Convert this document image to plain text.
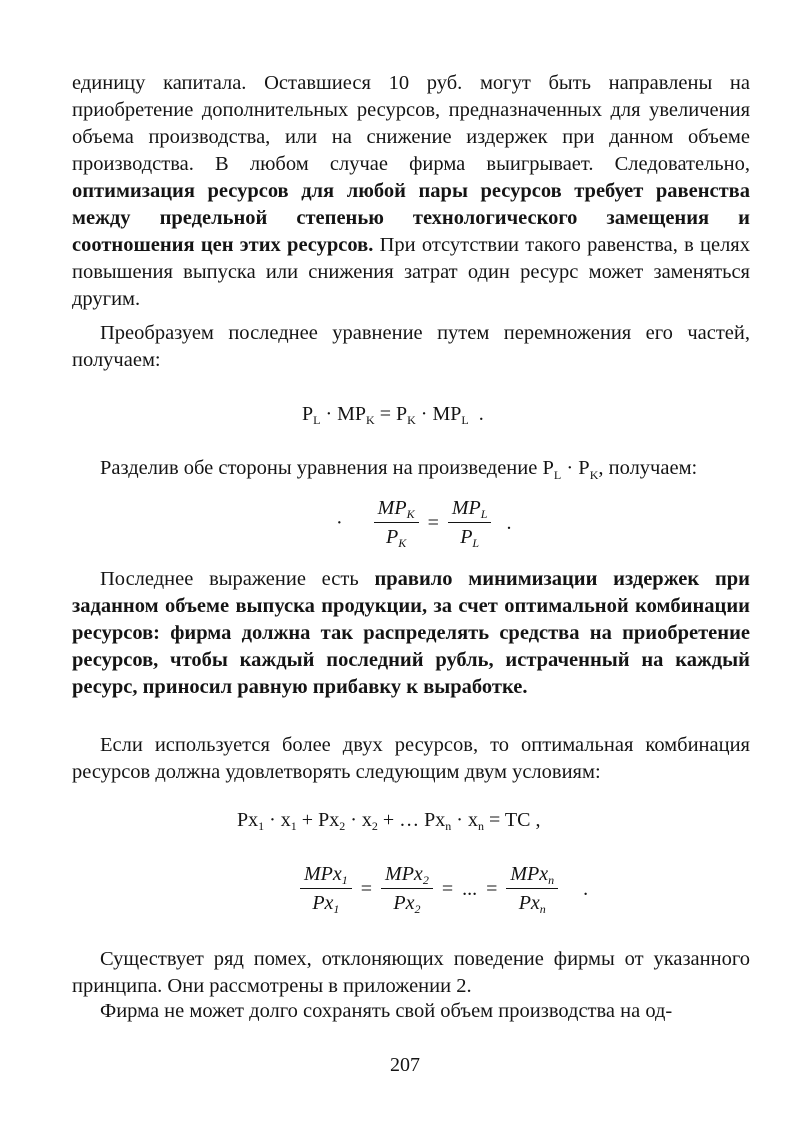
единицу капитала. Оставшиеся 10 руб. могут быть направлены на приобретение дополнительных ресурсов, предназначенных для увеличения объема производства, или на снижение издержек при данном объеме производства. В любом случае фирма выигрывает. Следовательно, оптимизация ресурсов для любой пары ресурсов требует равенства между предельной степенью технологического замещения и соотношения цен этих ресурсов. При отсутствии такого равенства, в целях повышения выпуска или снижения затрат один ресурс может заменяться другим.

Преобразуем последнее уравнение путем перемножения его частей, получаем:

$P_L \cdot MP_K = P_K \cdot MP_L$ .

Разделив обе стороны уравнения на произведение $P_L \cdot P_K$, получаем:

· $\frac{MP_K}{P_K} = \frac{MP_L}{P_L}$ .

Последнее выражение есть правило минимизации издержек при заданном объеме выпуска продукции, за счет оптимальной комбинации ресурсов: фирма должна так распределять средства на приобретение ресурсов, чтобы каждый последний рубль, истраченный на каждый ресурс, приносил равную прибавку к выработке.

Если используется более двух ресурсов, то оптимальная комбинация ресурсов должна удовлетворять следующим двум условиям:

$Px_1 \cdot x_1 + Px_2 \cdot x_2$ + … $Px_n \cdot x_n$ = TC ,
$\frac{MPx_1}{Px_1} = \frac{MPx_2}{Px_2}$ = ... = $\frac{MPx_n}{Px_n}$ .

Существует ряд помех, отклоняющих поведение фирмы от указанного принципа. Они рассмотрены в приложении 2.

Фирма не может долго сохранять свой объем производства на од-

207
